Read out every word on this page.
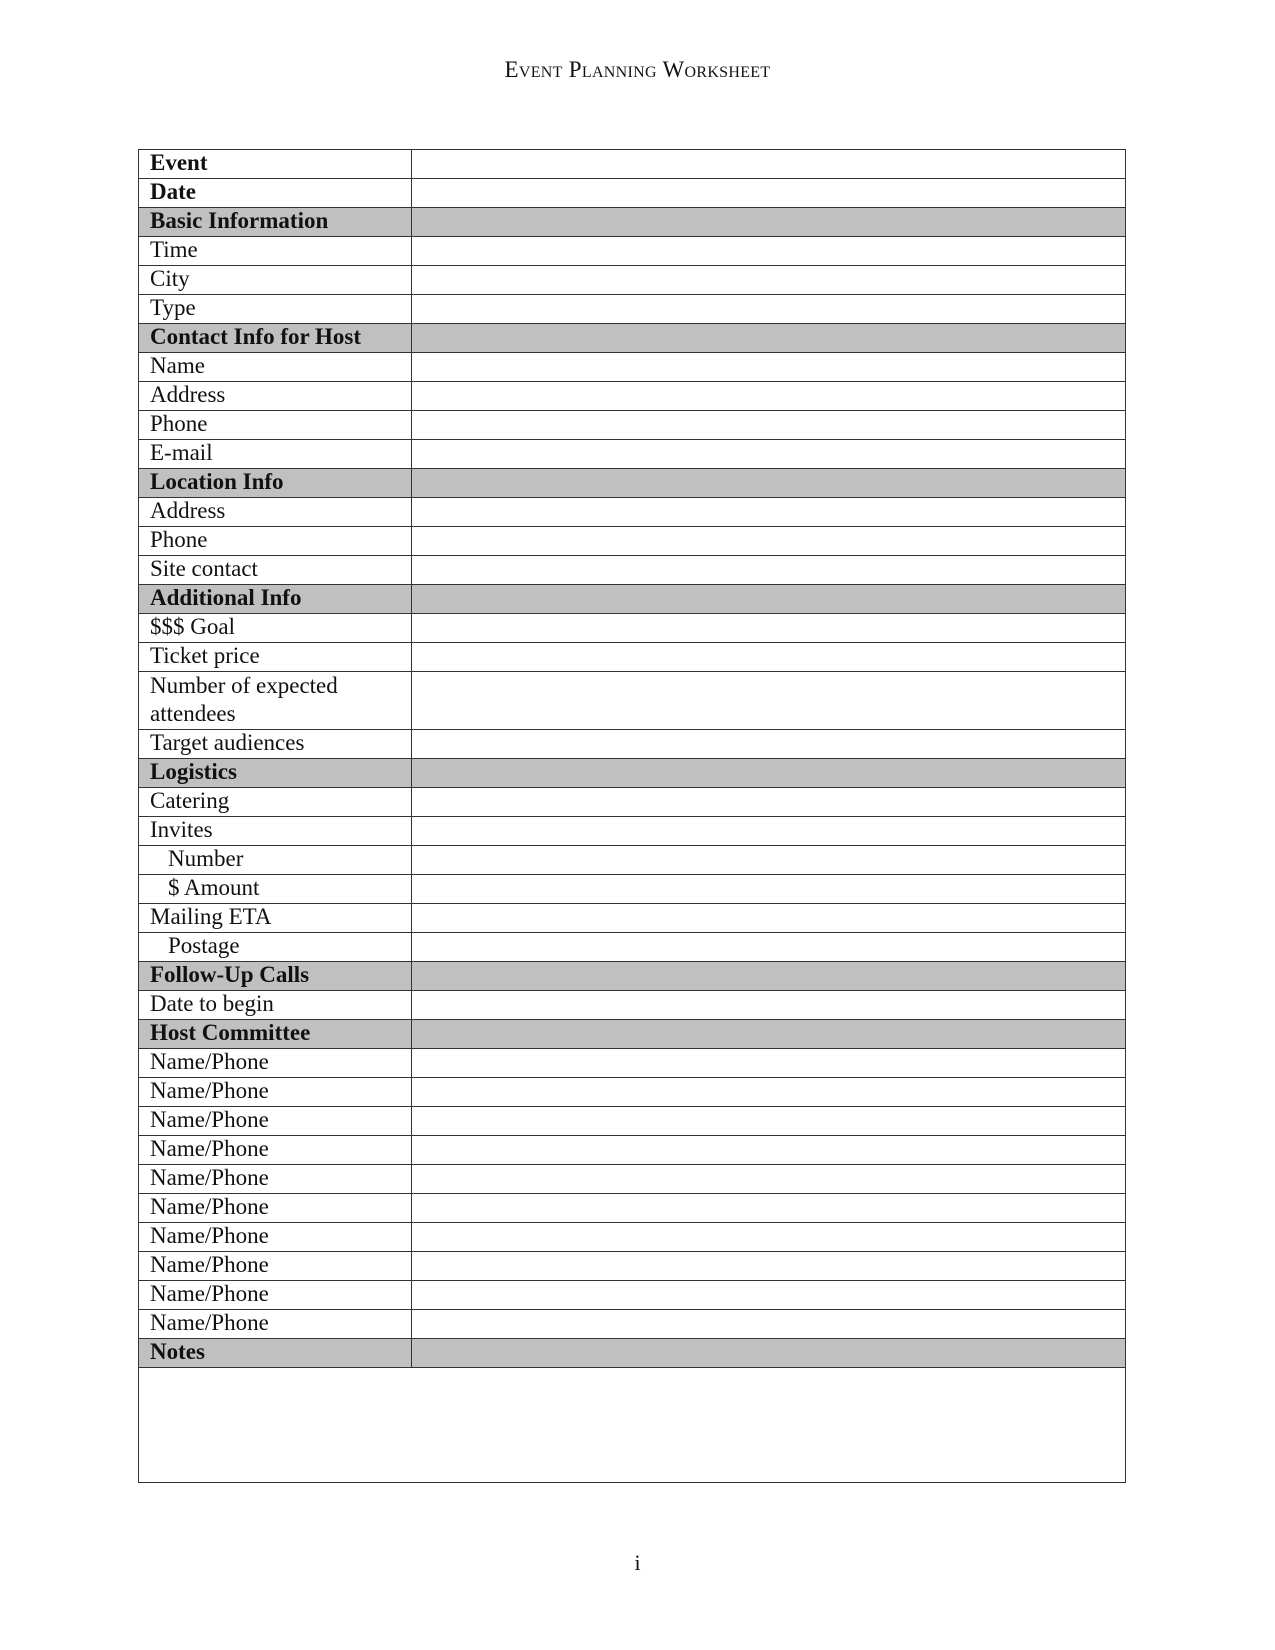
Event Planning Worksheet
Event	
Date	
Basic Information	
Time	
City	
Type	
Contact Info for Host	
Name	
Address	
Phone	
E-mail	
Location Info	
Address	
Phone	
Site contact	
Additional Info	
$$$ Goal	
Ticket price	
Number of expected attendees	
Target audiences	
Logistics	
Catering	
Invites	
Number	
$ Amount	
Mailing ETA	
Postage	
Follow-Up Calls	
Date to begin	
Host Committee	
Name/Phone	
Name/Phone	
Name/Phone	
Name/Phone	
Name/Phone	
Name/Phone	
Name/Phone	
Name/Phone	
Name/Phone	
Name/Phone	
Notes	

i
